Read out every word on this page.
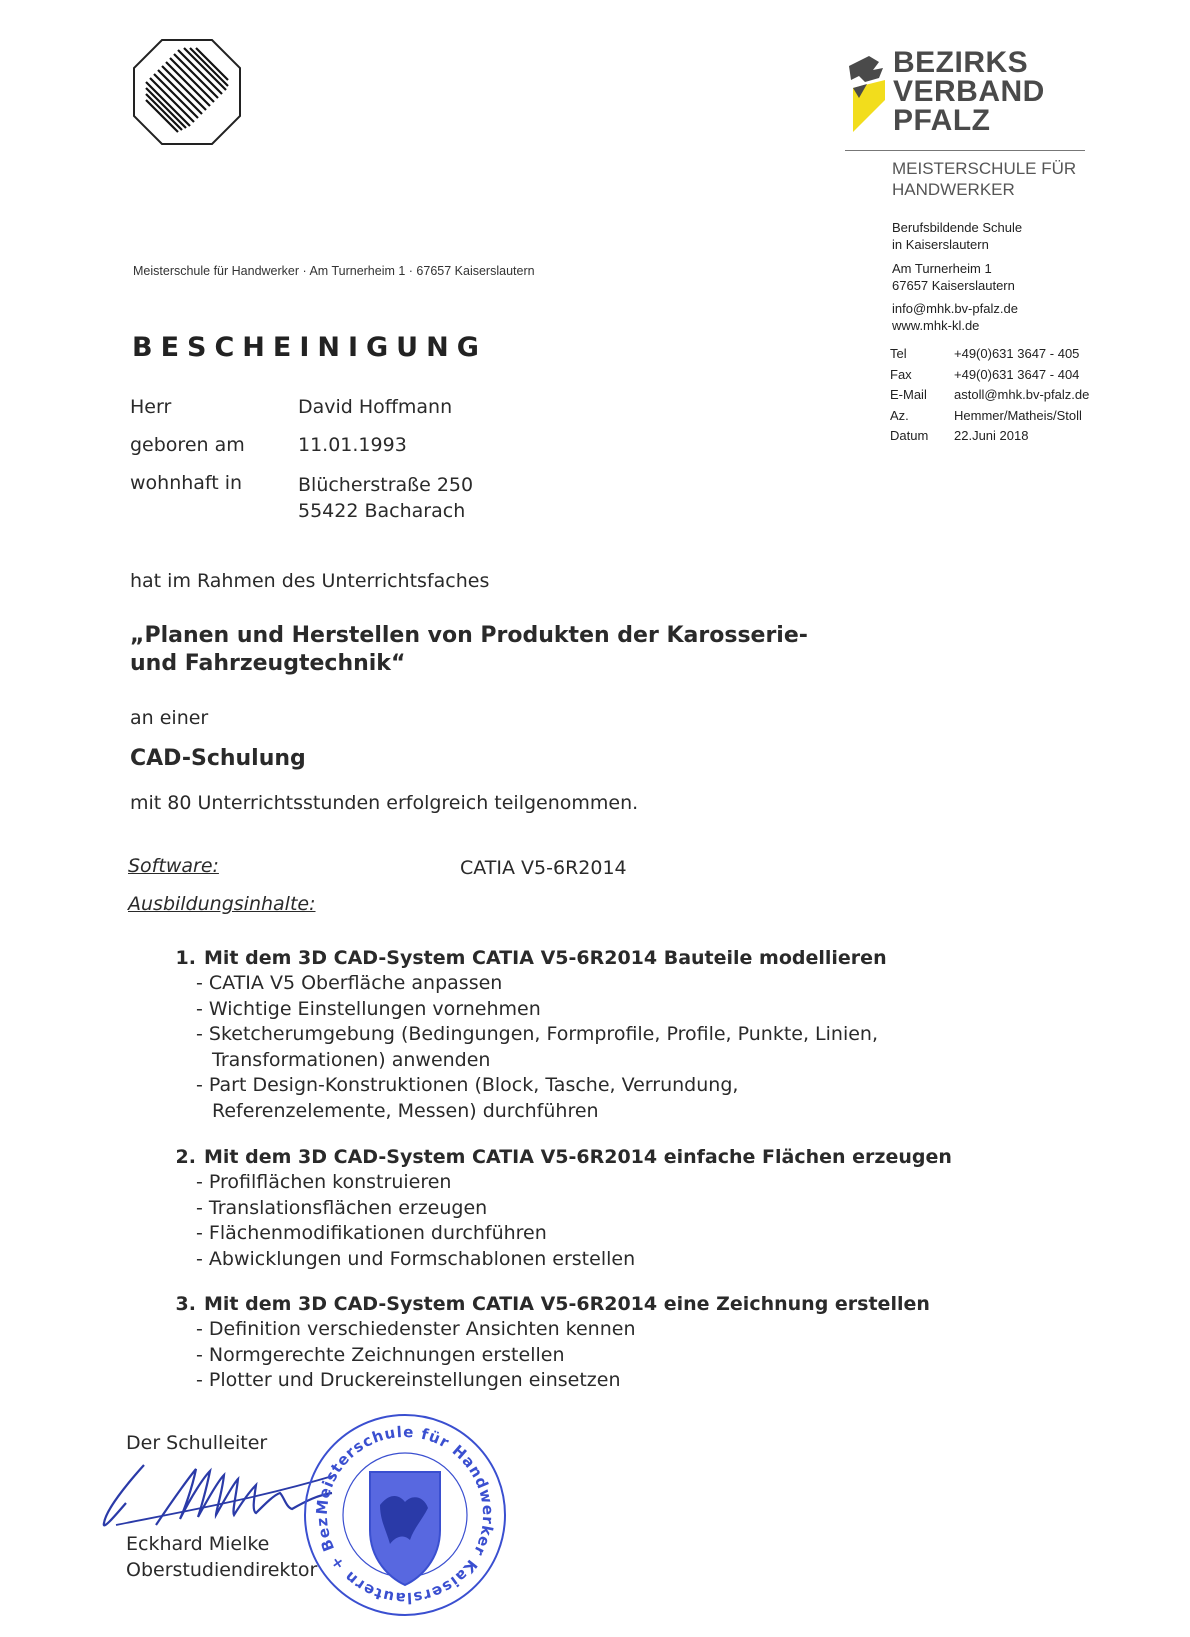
BEZIRKS
VERBAND
PFALZ
MEISTERSCHULE FÜR
HANDWERKER
Berufsbildende Schule
in Kaiserslautern
Am Turnerheim 1
67657 Kaiserslautern
info@mhk.bv-pfalz.de
www.mhk-kl.de
Tel	+49(0)631 3647 - 405
Fax	+49(0)631 3647 - 404
E-Mail astoll@mhk.bv-pfalz.de
Az.	Hemmer/Matheis/Stoll
Datum 22.Juni 2018
Meisterschule für Handwerker · Am Turnerheim 1 · 67657 Kaiserslautern
BESCHEINIGUNG
Herr	David Hoffmann
geboren am	11.01.1993
wohnhaft in	Blücherstraße 250
55422 Bacharach
hat im Rahmen des Unterrichtsfaches
„Planen und Herstellen von Produkten der Karosserie-
und Fahrzeugtechnik“
an einer
CAD-Schulung
mit 80 Unterrichtsstunden erfolgreich teilgenommen.
Software:	CATIA V5-6R2014
Ausbildungsinhalte:
1. Mit dem 3D CAD-System CATIA V5-6R2014 Bauteile modellieren
- CATIA V5 Oberfläche anpassen
- Wichtige Einstellungen vornehmen
- Sketcherumgebung (Bedingungen, Formprofile, Profile, Punkte, Linien, Transformationen) anwenden
- Part Design-Konstruktionen (Block, Tasche, Verrundung, Referenzelemente, Messen) durchführen
2. Mit dem 3D CAD-System CATIA V5-6R2014 einfache Flächen erzeugen
- Profilflächen konstruieren
- Translationsflächen erzeugen
- Flächenmodifikationen durchführen
- Abwicklungen und Formschablonen erstellen
3. Mit dem 3D CAD-System CATIA V5-6R2014 eine Zeichnung erstellen
- Definition verschiedenster Ansichten kennen
- Normgerechte Zeichnungen erstellen
- Plotter und Druckereinstellungen einsetzen
Der Schulleiter
Eckhard Mielke
Oberstudiendirektor
Meisterschule für Handwerker Kaiserslautern + Bez
